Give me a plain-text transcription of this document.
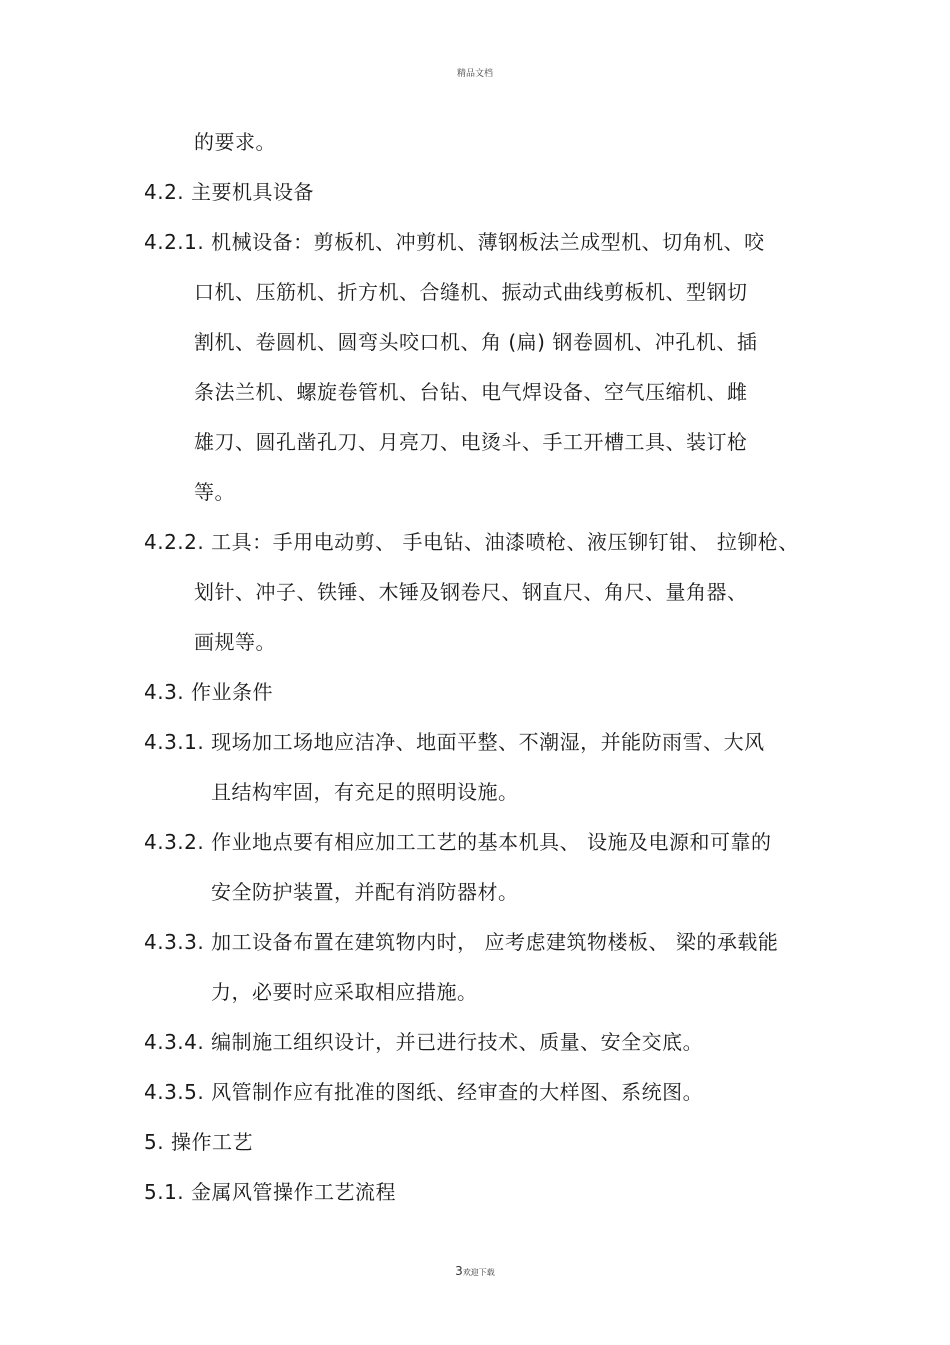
精品文档
的要求。
4.2. 主要机具设备
4.2.1. 机械设备：剪板机、冲剪机、薄钢板法兰成型机、切角机、咬
口机、压筋机、折方机、合缝机、振动式曲线剪板机、型钢切
割机、卷圆机、圆弯头咬口机、角 (扁) 钢卷圆机、冲孔机、插
条法兰机、螺旋卷管机、台钻、电气焊设备、空气压缩机、雌
雄刀、圆孔凿孔刀、月亮刀、电烫斗、手工开槽工具、装订枪
等。
4.2.2. 工具：手用电动剪、 手电钻、油漆喷枪、液压铆钉钳、 拉铆枪、
划针、冲子、铁锤、木锤及钢卷尺、钢直尺、角尺、量角器、
画规等。
4.3. 作业条件
4.3.1. 现场加工场地应洁净、地面平整、不潮湿，并能防雨雪、大风
且结构牢固，有充足的照明设施。
4.3.2. 作业地点要有相应加工工艺的基本机具、 设施及电源和可靠的
安全防护装置，并配有消防器材。
4.3.3. 加工设备布置在建筑物内时， 应考虑建筑物楼板、 梁的承载能
力，必要时应采取相应措施。
4.3.4. 编制施工组织设计，并已进行技术、质量、安全交底。
4.3.5. 风管制作应有批准的图纸、经审查的大样图、系统图。
5. 操作工艺
5.1. 金属风管操作工艺流程
3欢迎下载
